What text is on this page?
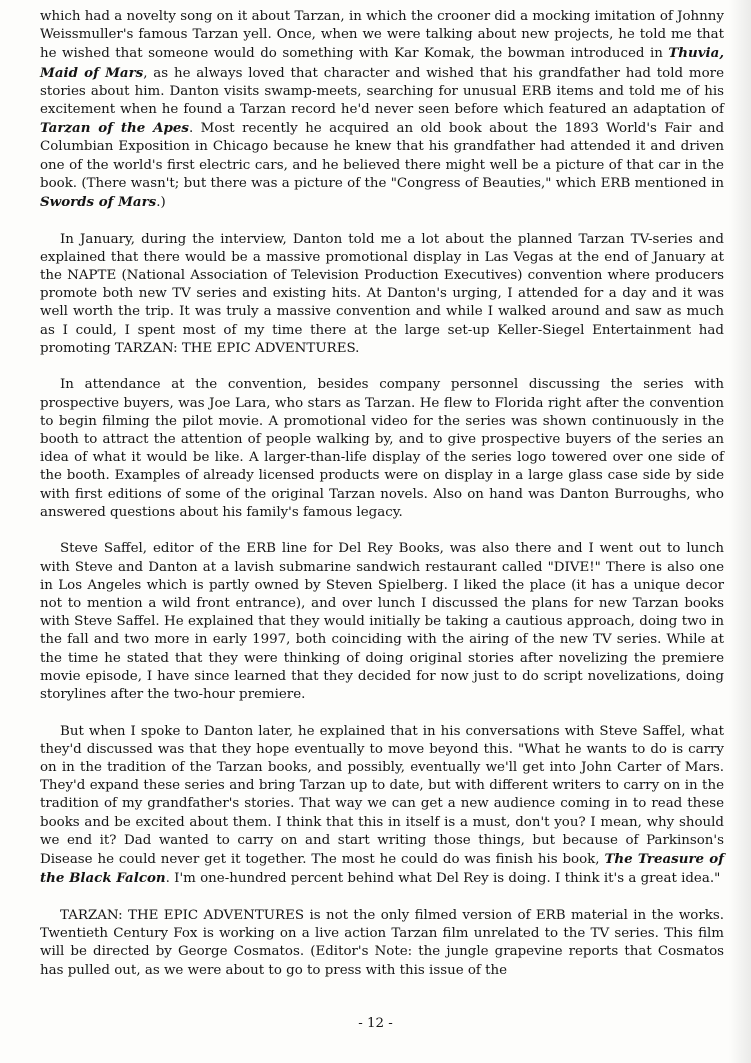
which had a novelty song on it about Tarzan, in which the crooner did a mocking imitation of Johnny Weissmuller's famous Tarzan yell. Once, when we were talking about new projects, he told me that he wished that someone would do something with Kar Komak, the bowman introduced in Thuvia, Maid of Mars, as he always loved that character and wished that his grandfather had told more stories about him. Danton visits swamp-meets, searching for unusual ERB items and told me of his excitement when he found a Tarzan record he'd never seen before which featured an adaptation of Tarzan of the Apes. Most recently he acquired an old book about the 1893 World's Fair and Columbian Exposition in Chicago because he knew that his grandfather had attended it and driven one of the world's first electric cars, and he believed there might well be a picture of that car in the book. (There wasn't; but there was a picture of the "Congress of Beauties," which ERB mentioned in Swords of Mars.)

In January, during the interview, Danton told me a lot about the planned Tarzan TV-series and explained that there would be a massive promotional display in Las Vegas at the end of January at the NAPTE (National Association of Television Production Executives) convention where producers promote both new TV series and existing hits. At Danton's urging, I attended for a day and it was well worth the trip. It was truly a massive convention and while I walked around and saw as much as I could, I spent most of my time there at the large set-up Keller-Siegel Entertainment had promoting TARZAN: THE EPIC ADVENTURES.

In attendance at the convention, besides company personnel discussing the series with prospective buyers, was Joe Lara, who stars as Tarzan. He flew to Florida right after the convention to begin filming the pilot movie. A promotional video for the series was shown continuously in the booth to attract the attention of people walking by, and to give prospective buyers of the series an idea of what it would be like. A larger-than-life display of the series logo towered over one side of the booth. Examples of already licensed products were on display in a large glass case side by side with first editions of some of the original Tarzan novels. Also on hand was Danton Burroughs, who answered questions about his family's famous legacy.

Steve Saffel, editor of the ERB line for Del Rey Books, was also there and I went out to lunch with Steve and Danton at a lavish submarine sandwich restaurant called "DIVE!" There is also one in Los Angeles which is partly owned by Steven Spielberg. I liked the place (it has a unique decor not to mention a wild front entrance), and over lunch I discussed the plans for new Tarzan books with Steve Saffel. He explained that they would initially be taking a cautious approach, doing two in the fall and two more in early 1997, both coinciding with the airing of the new TV series. While at the time he stated that they were thinking of doing original stories after novelizing the premiere movie episode, I have since learned that they decided for now just to do script novelizations, doing storylines after the two-hour premiere.

But when I spoke to Danton later, he explained that in his conversations with Steve Saffel, what they'd discussed was that they hope eventually to move beyond this. "What he wants to do is carry on in the tradition of the Tarzan books, and possibly, eventually we'll get into John Carter of Mars. They'd expand these series and bring Tarzan up to date, but with different writers to carry on in the tradition of my grandfather's stories. That way we can get a new audience coming in to read these books and be excited about them. I think that this in itself is a must, don't you? I mean, why should we end it? Dad wanted to carry on and start writing those things, but because of Parkinson's Disease he could never get it together. The most he could do was finish his book, The Treasure of the Black Falcon. I'm one-hundred percent behind what Del Rey is doing. I think it's a great idea."

TARZAN: THE EPIC ADVENTURES is not the only filmed version of ERB material in the works. Twentieth Century Fox is working on a live action Tarzan film unrelated to the TV series. This film will be directed by George Cosmatos. (Editor's Note: the jungle grapevine reports that Cosmatos has pulled out, as we were about to go to press with this issue of the

- 12 -
